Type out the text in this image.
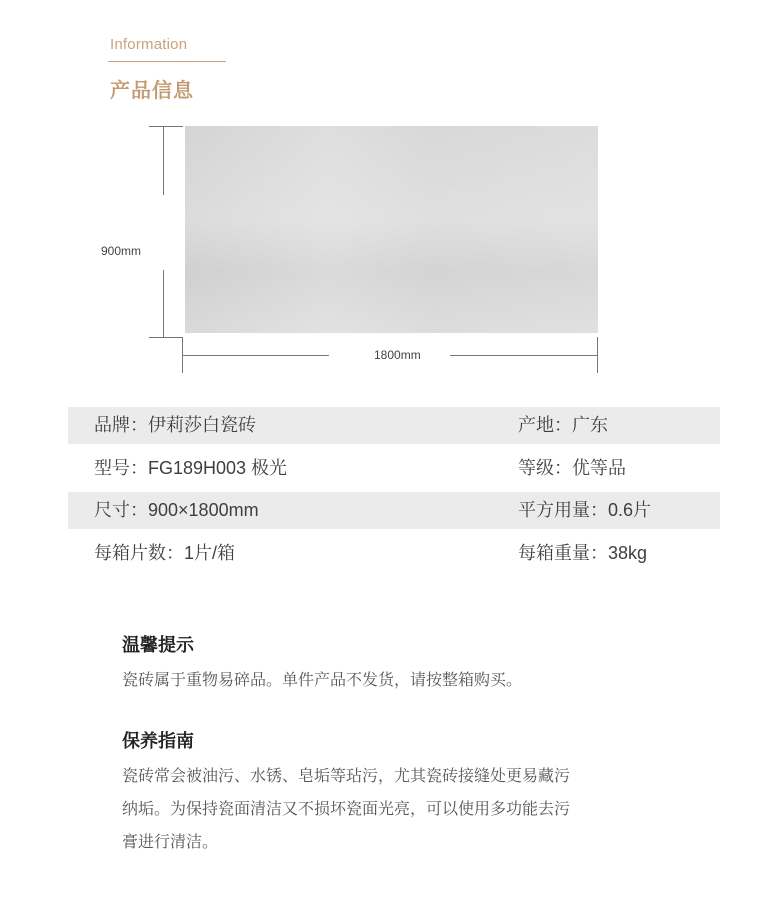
Information
产品信息
900mm
1800mm
品牌：伊莉莎白瓷砖	产地：广东
型号：FG189H003 极光	等级：优等品
尺寸：900×1800mm	平方用量：0.6片
每箱片数：1片/箱	每箱重量：38kg
温馨提示
瓷砖属于重物易碎品。单件产品不发货，请按整箱购买。
保养指南
瓷砖常会被油污、水锈、皂垢等玷污，尤其瓷砖接缝处更易藏污
纳垢。为保持瓷面清洁又不损坏瓷面光亮，可以使用多功能去污
膏进行清洁。
